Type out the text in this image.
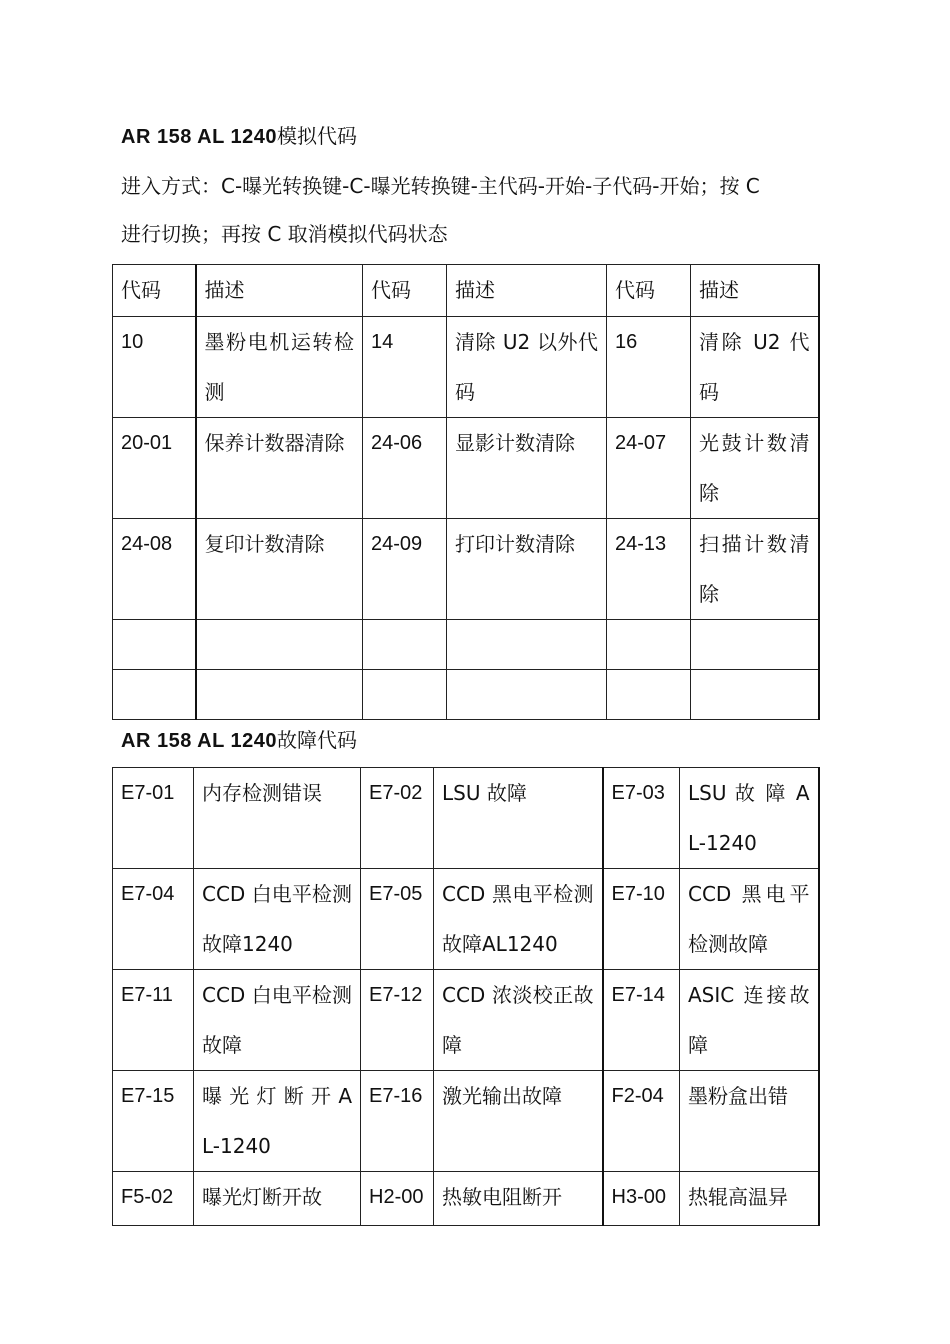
AR 158 AL 1240模拟代码
进入方式：C-曝光转换键-C-曝光转换键-主代码-开始-子代码-开始；按 C
进行切换；再按 C 取消模拟代码状态
代码	描述	代码	描述	代码	描述
10	墨粉电机运转检测	14	清除 U2 以外代码	16	清除 U2 代码
20-01	保养计数器清除	24-06	显影计数清除	24-07	光鼓计数清除
24-08	复印计数清除	24-09	打印计数清除	24-13	扫描计数清除

AR 158 AL 1240故障代码
E7-01	内存检测错误	E7-02	LSU 故障	E7-03	LSU 故 障 AL-1240
E7-04	CCD 白电平检测故障1240	E7-05	CCD 黑电平检测故障AL1240	E7-10	CCD 黑电平检测故障
E7-11	CCD 白电平检测故障	E7-12	CCD 浓淡校正故障	E7-14	ASIC 连接故障
E7-15	曝 光 灯 断 开 AL-1240	E7-16	激光输出故障	F2-04	墨粉盒出错
F5-02	曝光灯断开故	H2-00	热敏电阻断开	H3-00	热辊高温异
